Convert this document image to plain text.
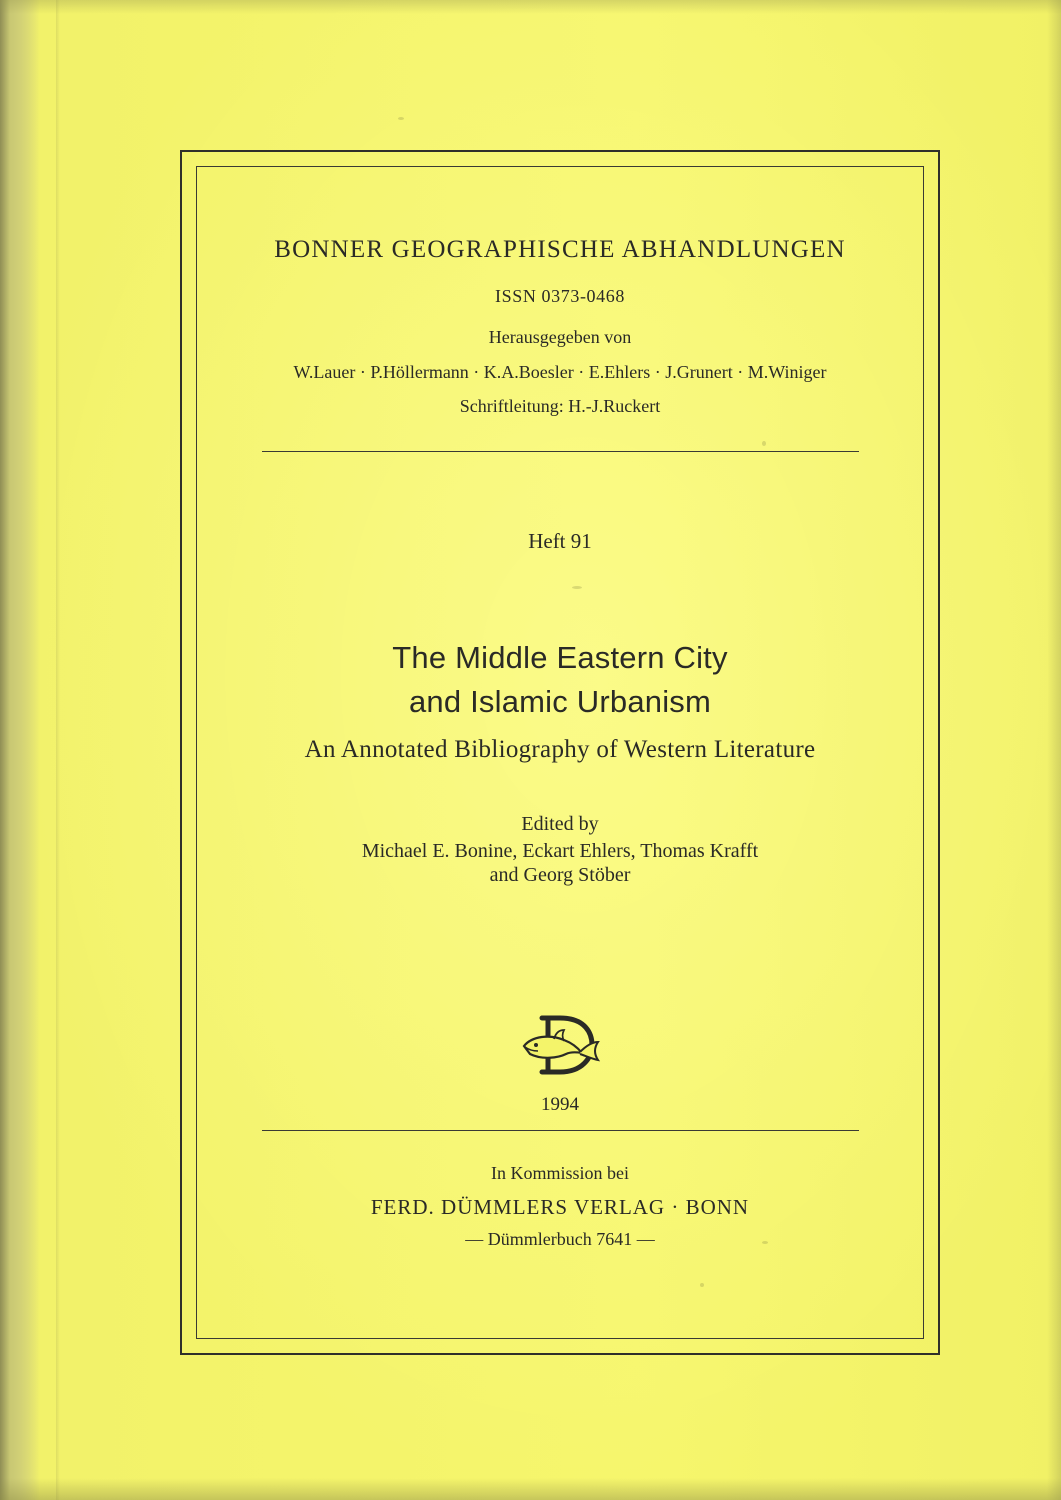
BONNER GEOGRAPHISCHE ABHANDLUNGEN
ISSN 0373-0468
Herausgegeben von
W.Lauer · P.Höllermann · K.A.Boesler · E.Ehlers · J.Grunert · M.Winiger
Schriftleitung: H.-J.Ruckert
Heft 91
The Middle Eastern City
and Islamic Urbanism
An Annotated Bibliography of Western Literature
Edited by
Michael E. Bonine, Eckart Ehlers, Thomas Krafft
and Georg Stöber
1994
In Kommission bei
FERD. DÜMMLERS VERLAG · BONN
— Dümmlerbuch 7641 —
